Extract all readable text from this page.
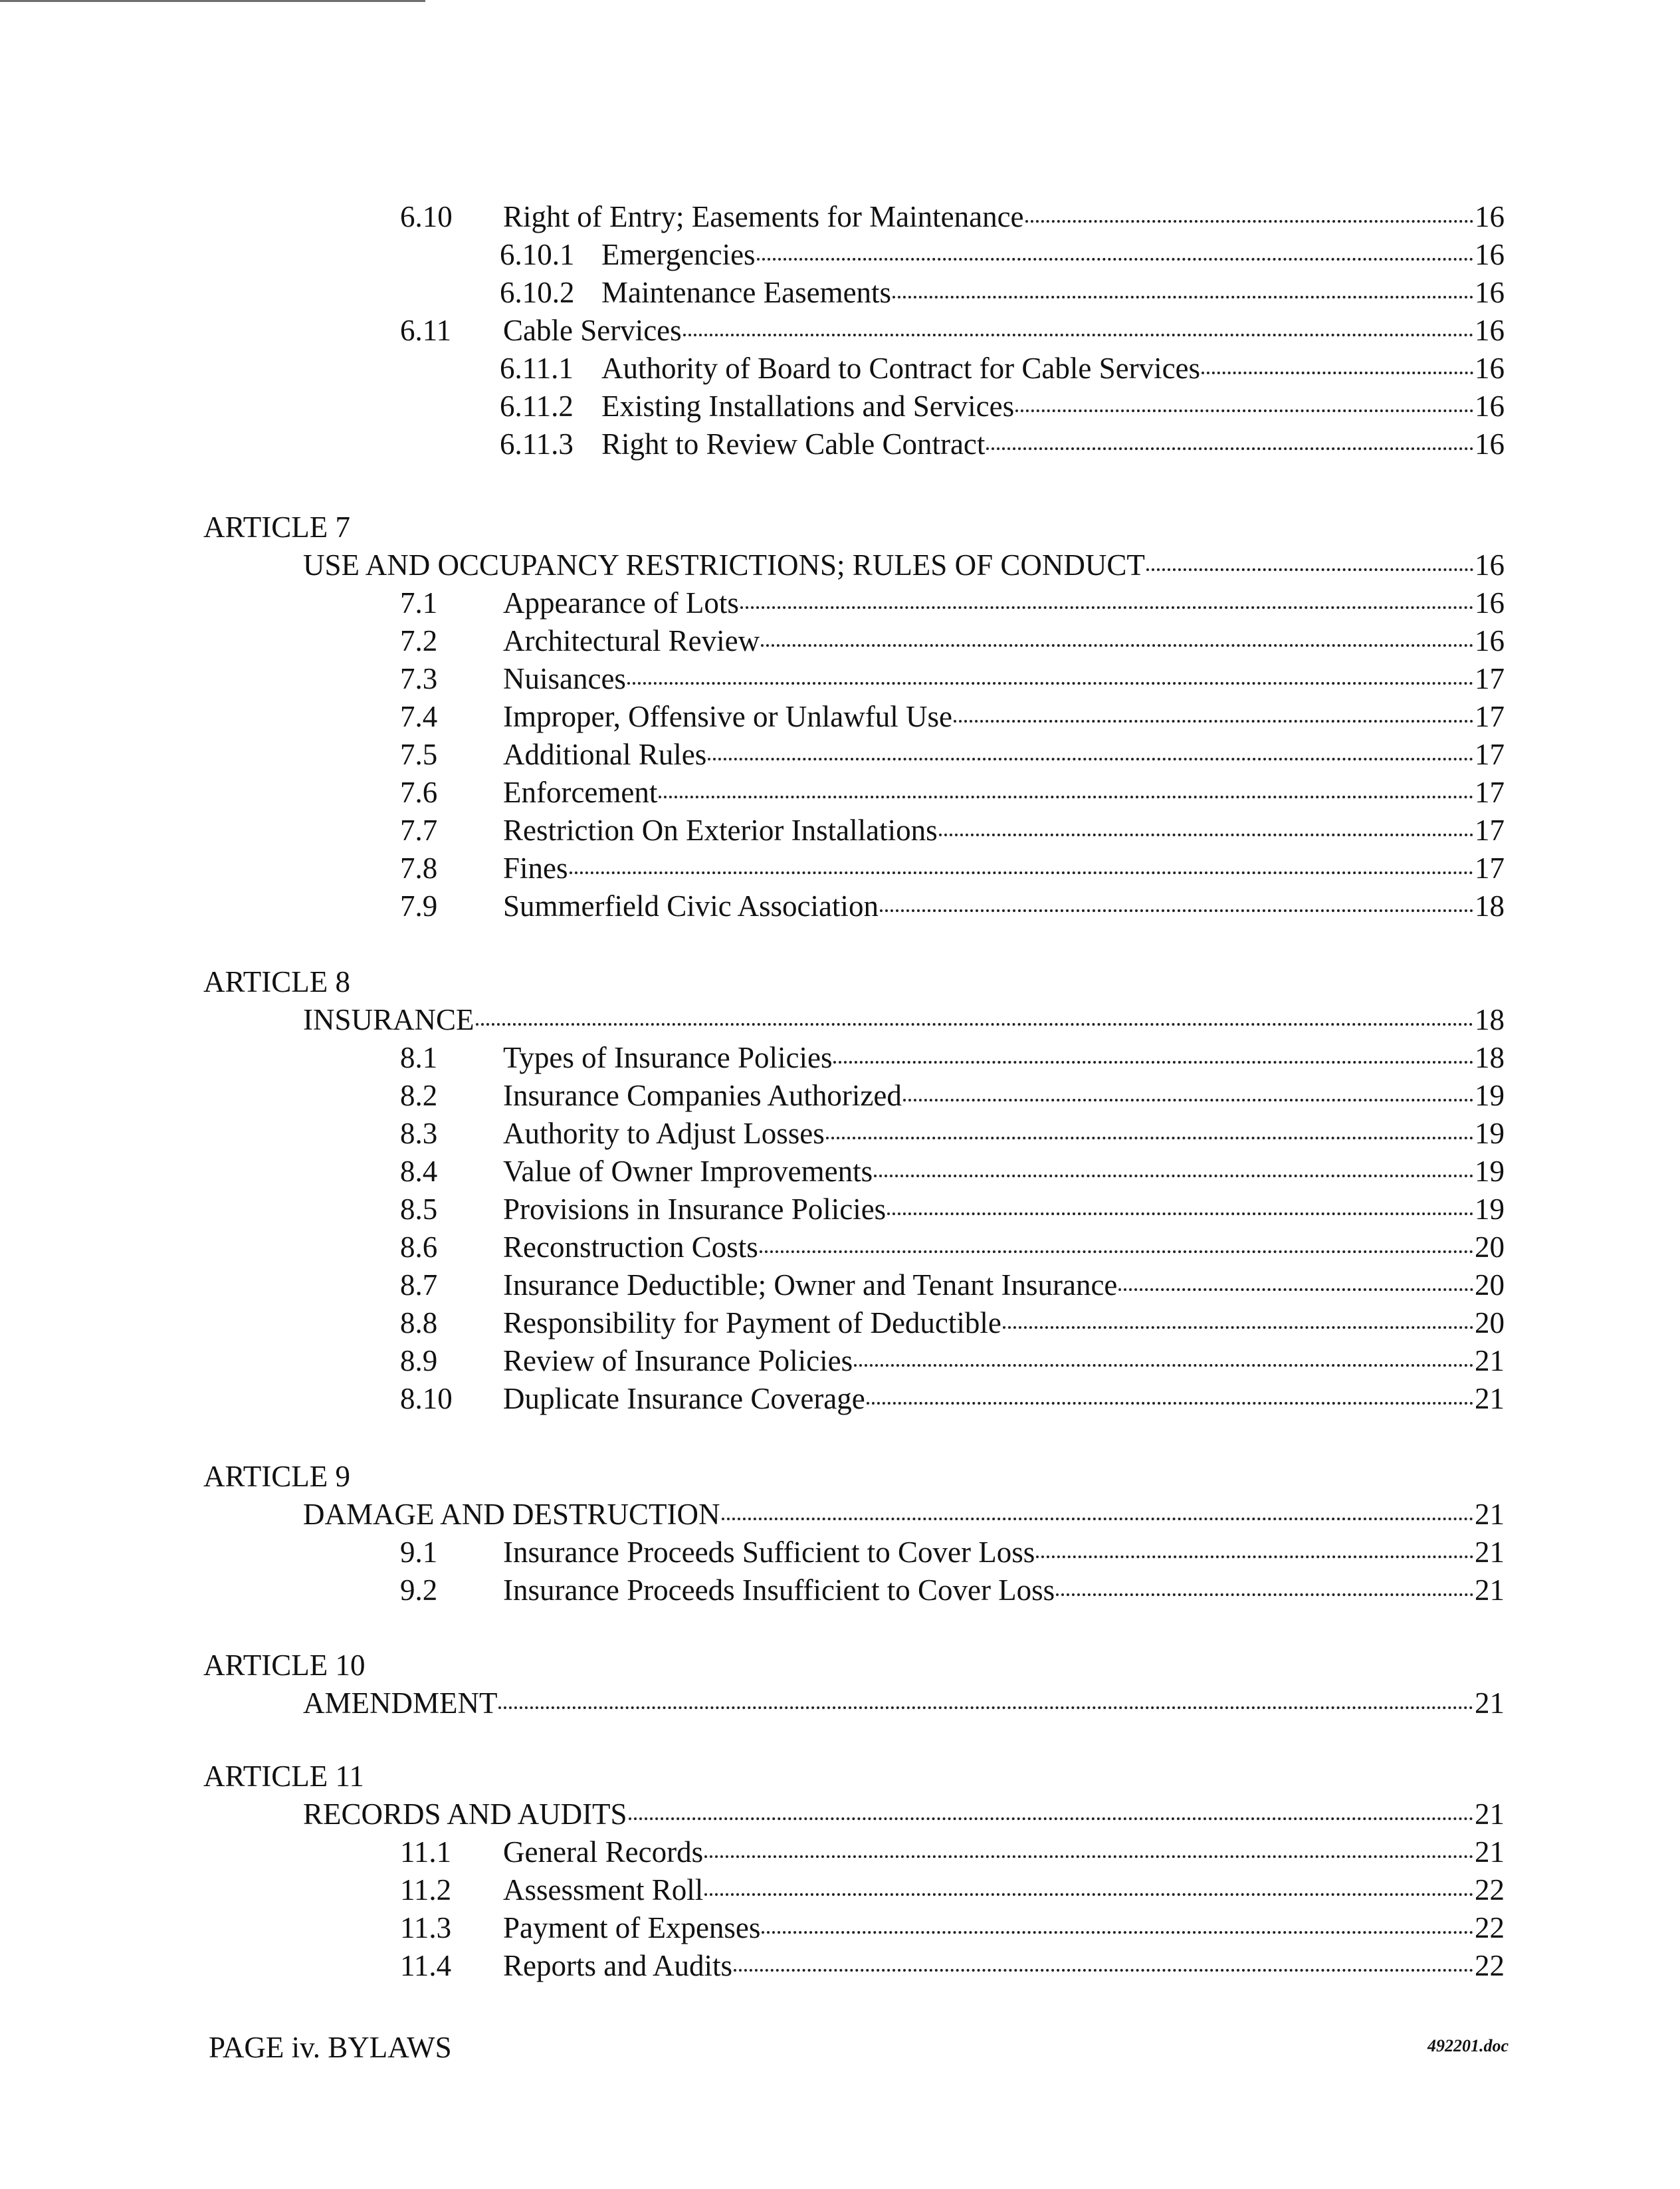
6.10	Right of Entry; Easements for Maintenance	16
6.10.1 Emergencies	16
6.10.2 Maintenance Easements	16
6.11	Cable Services	16
6.11.1 Authority of Board to Contract for Cable Services	16
6.11.2 Existing Installations and Services	16
6.11.3 Right to Review Cable Contract	16
ARTICLE 7
USE AND OCCUPANCY RESTRICTIONS; RULES OF CONDUCT	16
7.1	Appearance of Lots	16
7.2	Architectural Review	16
7.3	Nuisances	17
7.4	Improper, Offensive or Unlawful Use	17
7.5	Additional Rules	17
7.6	Enforcement	17
7.7	Restriction On Exterior Installations	17
7.8	Fines	17
7.9	Summerfield Civic Association	18
ARTICLE 8
INSURANCE	18
8.1	Types of Insurance Policies	18
8.2	Insurance Companies Authorized	19
8.3	Authority to Adjust Losses	19
8.4	Value of Owner Improvements	19
8.5	Provisions in Insurance Policies	19
8.6	Reconstruction Costs	20
8.7	Insurance Deductible; Owner and Tenant Insurance	20
8.8	Responsibility for Payment of Deductible	20
8.9	Review of Insurance Policies	21
8.10	Duplicate Insurance Coverage	21
ARTICLE 9
DAMAGE AND DESTRUCTION	21
9.1	Insurance Proceeds Sufficient to Cover Loss	21
9.2	Insurance Proceeds Insufficient to Cover Loss	21
ARTICLE 10
AMENDMENT	21
ARTICLE 11
RECORDS AND AUDITS	21
11.1	General Records	21
11.2	Assessment Roll	22
11.3	Payment of Expenses	22
11.4	Reports and Audits	22
PAGE iv. BYLAWS	492201.doc
